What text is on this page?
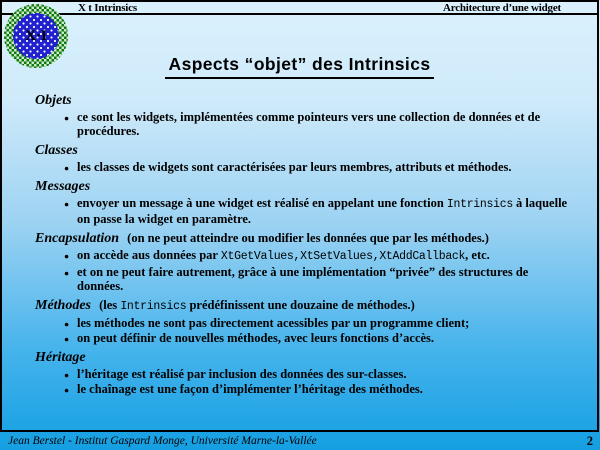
X t Intrinsics	Architecture d’une widget
Aspects “objet” des Intrinsics
Objets
● ce sont les widgets, implémentées comme pointeurs vers une collection de données et de procédures.
Classes
● les classes de widgets sont caractérisées par leurs membres, attributs et méthodes.
Messages
● envoyer un message à une widget est réalisé en appelant une fonction Intrinsics à laquelle on passe la widget en paramètre.
Encapsulation (on ne peut atteindre ou modifier les données que par les méthodes.)
● on accède aus données par XtGetValues,XtSetValues,XtAddCallback, etc.
● et on ne peut faire autrement, grâce à une implémentation “privée” des structures de données.
Méthodes (les Intrinsics prédéfinissent une douzaine de méthodes.)
● les méthodes ne sont pas directement acessibles par un programme client;
● on peut définir de nouvelles méthodes, avec leurs fonctions d’accès.
Héritage
● l’héritage est réalisé par inclusion des données des sur-classes.
● le chaînage est une façon d’implémenter l’héritage des méthodes.
X·I
Jean Berstel - Institut Gaspard Monge, Université Marne-la-Vallée	2
